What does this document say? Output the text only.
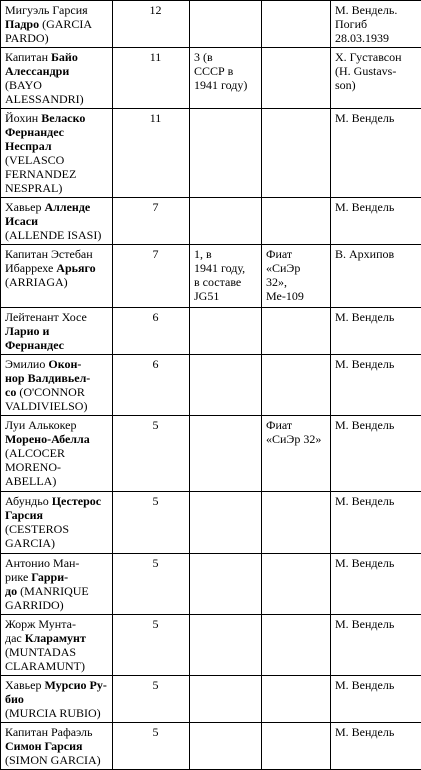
Мигуэль Гарсия
Падро (GARCIA
PARDO)	12			М. Вендель.
Погиб
28.03.1939
Капитан Байо
Алессандри (BAYO
ALESSANDRI)	11	3 (в
СССР в
1941 году)		Х. Густавсон
(H. Gustavs-
son)
Йохин Веласко
Фернандес Неспрал
(VELASCO
FERNANDEZ
NESPRAL)	11			М. Вендель
Хавьер Алленде
Исаси
(ALLENDE ISASI)	7			М. Вендель
Капитан Эстебан
Ибаррехе Арьяго
(ARRIAGA)	7	1, в
1941 году,
в составе
JG51	Фиат
«СиЭр
32»,
Ме-109	В. Архипов
Лейтенант Хосе
Ларио и Фернандес	6			М. Вендель
Эмилио Окон-
нор Валдивьел-
со (O'CONNOR
VALDIVIELSO)	6			М. Вендель
Луи Алькокер
Морено-Абелла
(ALCOCER
MORENO-
ABELLA)	5		Фиат
«СиЭр 32»	М. Вендель
Абундьо Цестерос
Гарсия
(CESTEROS
GARCIA)	5			М. Вендель
Антонио Ман-
рике Гарри-
до (MANRIQUE
GARRIDO)	5			М. Вендель
Жорж Мунта-
дас Кларамунт
(MUNTADAS
CLARAMUNT)	5			М. Вендель
Хавьер Мурсио Ру-
био
(MURCIA RUBIO)	5			М. Вендель
Капитан Рафаэль
Симон Гарсия
(SIMON GARCIA)	5			М. Вендель
